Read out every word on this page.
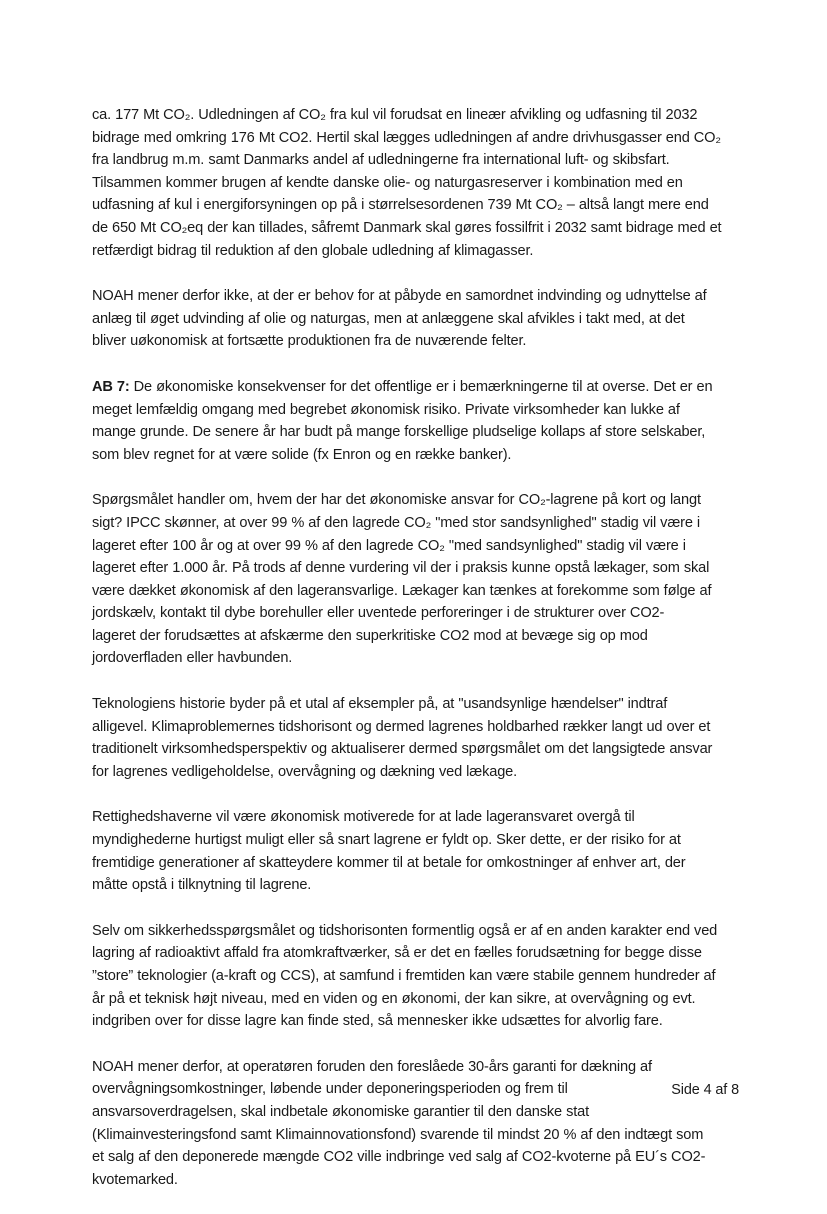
ca. 177 Mt CO₂. Udledningen af CO₂ fra kul vil forudsat en lineær afvikling og udfasning til 2032
bidrage med omkring 176 Mt CO2. Hertil skal lægges udledningen af andre drivhusgasser end CO₂
fra landbrug m.m. samt Danmarks andel af udledningerne fra international luft- og skibsfart.
Tilsammen kommer brugen af kendte danske olie- og naturgasreserver i kombination med en
udfasning af kul i energiforsyningen op på i størrelsesordenen 739 Mt CO₂ – altså langt mere end
de 650 Mt CO₂eq der kan tillades, såfremt Danmark skal gøres fossilfrit i 2032 samt bidrage med et
retfærdigt bidrag til reduktion af den globale udledning af klimagasser.

NOAH mener derfor ikke, at der er behov for at påbyde en samordnet indvinding og udnyttelse af
anlæg til øget udvinding af olie og naturgas, men at anlæggene skal afvikles i takt med, at det
bliver uøkonomisk at fortsætte produktionen fra de nuværende felter.

AB 7: De økonomiske konsekvenser for det offentlige er i bemærkningerne til at overse. Det er en
meget lemfældig omgang med begrebet økonomisk risiko. Private virksomheder kan lukke af
mange grunde. De senere år har budt på mange forskellige pludselige kollaps af store selskaber,
som blev regnet for at være solide (fx Enron og en række banker).

Spørgsmålet handler om, hvem der har det økonomiske ansvar for CO₂-lagrene på kort og langt
sigt? IPCC skønner, at over 99 % af den lagrede CO₂ "med stor sandsynlighed" stadig vil være i
lageret efter 100 år og at over 99 % af den lagrede CO₂ "med sandsynlighed" stadig vil være i
lageret efter 1.000 år. På trods af denne vurdering vil der i praksis kunne opstå lækager, som skal
være dækket økonomisk af den lageransvarlige. Lækager kan tænkes at forekomme som følge af
jordskælv, kontakt til dybe borehuller eller uventede perforeringer i de strukturer over CO2-
lageret der forudsættes at afskærme den superkritiske CO2 mod at bevæge sig op mod
jordoverfladen eller havbunden.

Teknologiens historie byder på et utal af eksempler på, at "usandsynlige hændelser" indtraf
alligevel. Klimaproblemernes tidshorisont og dermed lagrenes holdbarhed rækker langt ud over et
traditionelt virksomhedsperspektiv og aktualiserer dermed spørgsmålet om det langsigtede ansvar
for lagrenes vedligeholdelse, overvågning og dækning ved lækage.

Rettighedshaverne vil være økonomisk motiverede for at lade lageransvaret overgå til
myndighederne hurtigst muligt eller så snart lagrene er fyldt op. Sker dette, er der risiko for at
fremtidige generationer af skatteydere kommer til at betale for omkostninger af enhver art, der
måtte opstå i tilknytning til lagrene.

Selv om sikkerhedsspørgsmålet og tidshorisonten formentlig også er af en anden karakter end ved
lagring af radioaktivt affald fra atomkraftværker, så er det en fælles forudsætning for begge disse
”store” teknologier (a-kraft og CCS), at samfund i fremtiden kan være stabile gennem hundreder af
år på et teknisk højt niveau, med en viden og en økonomi, der kan sikre, at overvågning og evt.
indgriben over for disse lagre kan finde sted, så mennesker ikke udsættes for alvorlig fare.

NOAH mener derfor, at operatøren foruden den foreslåede 30-års garanti for dækning af
overvågningsomkostninger, løbende under deponeringsperioden og frem til
ansvarsoverdragelsen, skal indbetale økonomiske garantier til den danske stat
(Klimainvesteringsfond samt Klimainnovationsfond) svarende til mindst 20 % af den indtægt som
et salg af den deponerede mængde CO2 ville indbringe ved salg af CO2-kvoterne på EU´s CO2-
kvotemarked.

Side 4 af 8
